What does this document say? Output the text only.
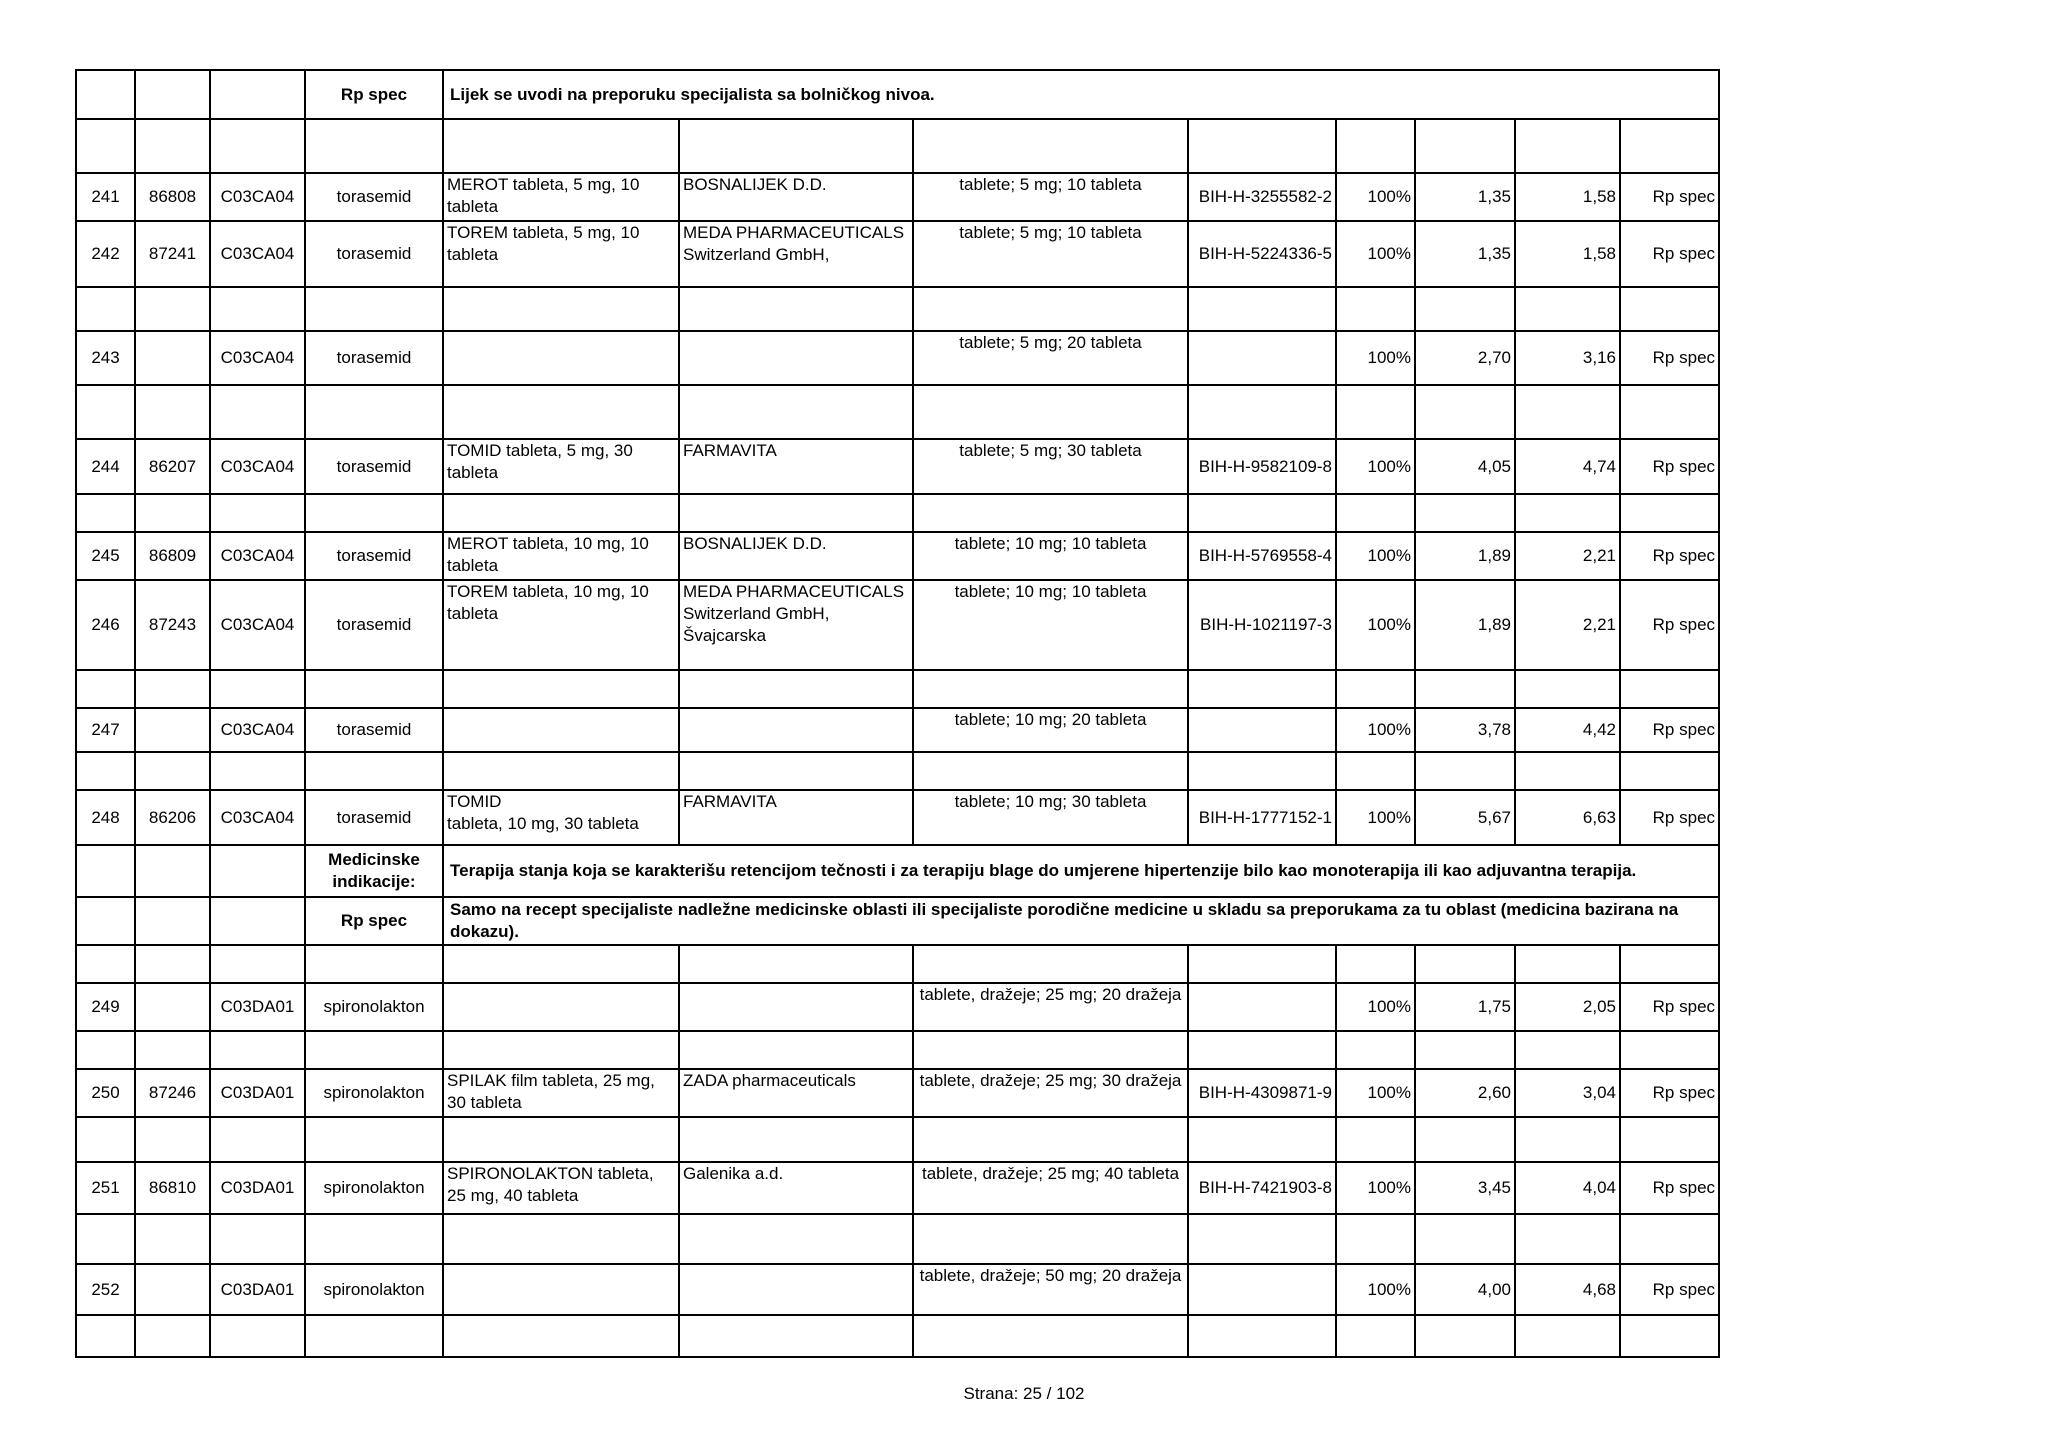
			Rp spec	Lijek se uvodi na preporuku specijalista sa bolničkog nivoa.							

241	86808	C03CA04	torasemid	MEROT tableta, 5 mg, 10 tableta	BOSNALIJEK D.D.	tablete; 5 mg; 10 tableta	BIH-H-3255582-2	100%	1,35	1,58	Rp spec
242	87241	C03CA04	torasemid	TOREM tableta, 5 mg, 10 tableta	MEDA PHARMACEUTICALS Switzerland GmbH,	tablete; 5 mg; 10 tableta	BIH-H-5224336-5	100%	1,35	1,58	Rp spec

243		C03CA04	torasemid			tablete; 5 mg; 20 tableta		100%	2,70	3,16	Rp spec

244	86207	C03CA04	torasemid	TOMID tableta, 5 mg, 30 tableta	FARMAVITA	tablete; 5 mg; 30 tableta	BIH-H-9582109-8	100%	4,05	4,74	Rp spec

245	86809	C03CA04	torasemid	MEROT tableta, 10 mg, 10 tableta	BOSNALIJEK D.D.	tablete; 10 mg; 10 tableta	BIH-H-5769558-4	100%	1,89	2,21	Rp spec
246	87243	C03CA04	torasemid	TOREM tableta, 10 mg, 10 tableta	MEDA PHARMACEUTICALS Switzerland GmbH, Švajcarska	tablete; 10 mg; 10 tableta	BIH-H-1021197-3	100%	1,89	2,21	Rp spec

247		C03CA04	torasemid			tablete; 10 mg; 20 tableta		100%	3,78	4,42	Rp spec

248	86206	C03CA04	torasemid	TOMID
tableta, 10 mg, 30 tableta	FARMAVITA	tablete; 10 mg; 30 tableta	BIH-H-1777152-1	100%	5,67	6,63	Rp spec
			Medicinske indikacije:	Terapija stanja koja se karakterišu retencijom tečnosti i za terapiju blage do umjerene hipertenzije bilo kao monoterapija ili kao adjuvantna terapija.							
			Rp spec	Samo na recept specijaliste nadležne medicinske oblasti ili specijaliste porodične medicine u skladu sa preporukama za tu oblast (medicina bazirana na dokazu).							

249		C03DA01	spironolakton			tablete, dražeje; 25 mg; 20 dražeja		100%	1,75	2,05	Rp spec

250	87246	C03DA01	spironolakton	SPILAK film tableta, 25 mg, 30 tableta	ZADA pharmaceuticals	tablete, dražeje; 25 mg; 30 dražeja	BIH-H-4309871-9	100%	2,60	3,04	Rp spec

251	86810	C03DA01	spironolakton	SPIRONOLAKTON tableta, 25 mg, 40 tableta	Galenika a.d.	tablete, dražeje; 25 mg; 40 tableta	BIH-H-7421903-8	100%	3,45	4,04	Rp spec

252		C03DA01	spironolakton			tablete, dražeje; 50 mg; 20 dražeja		100%	4,00	4,68	Rp spec

Strana: 25 / 102
